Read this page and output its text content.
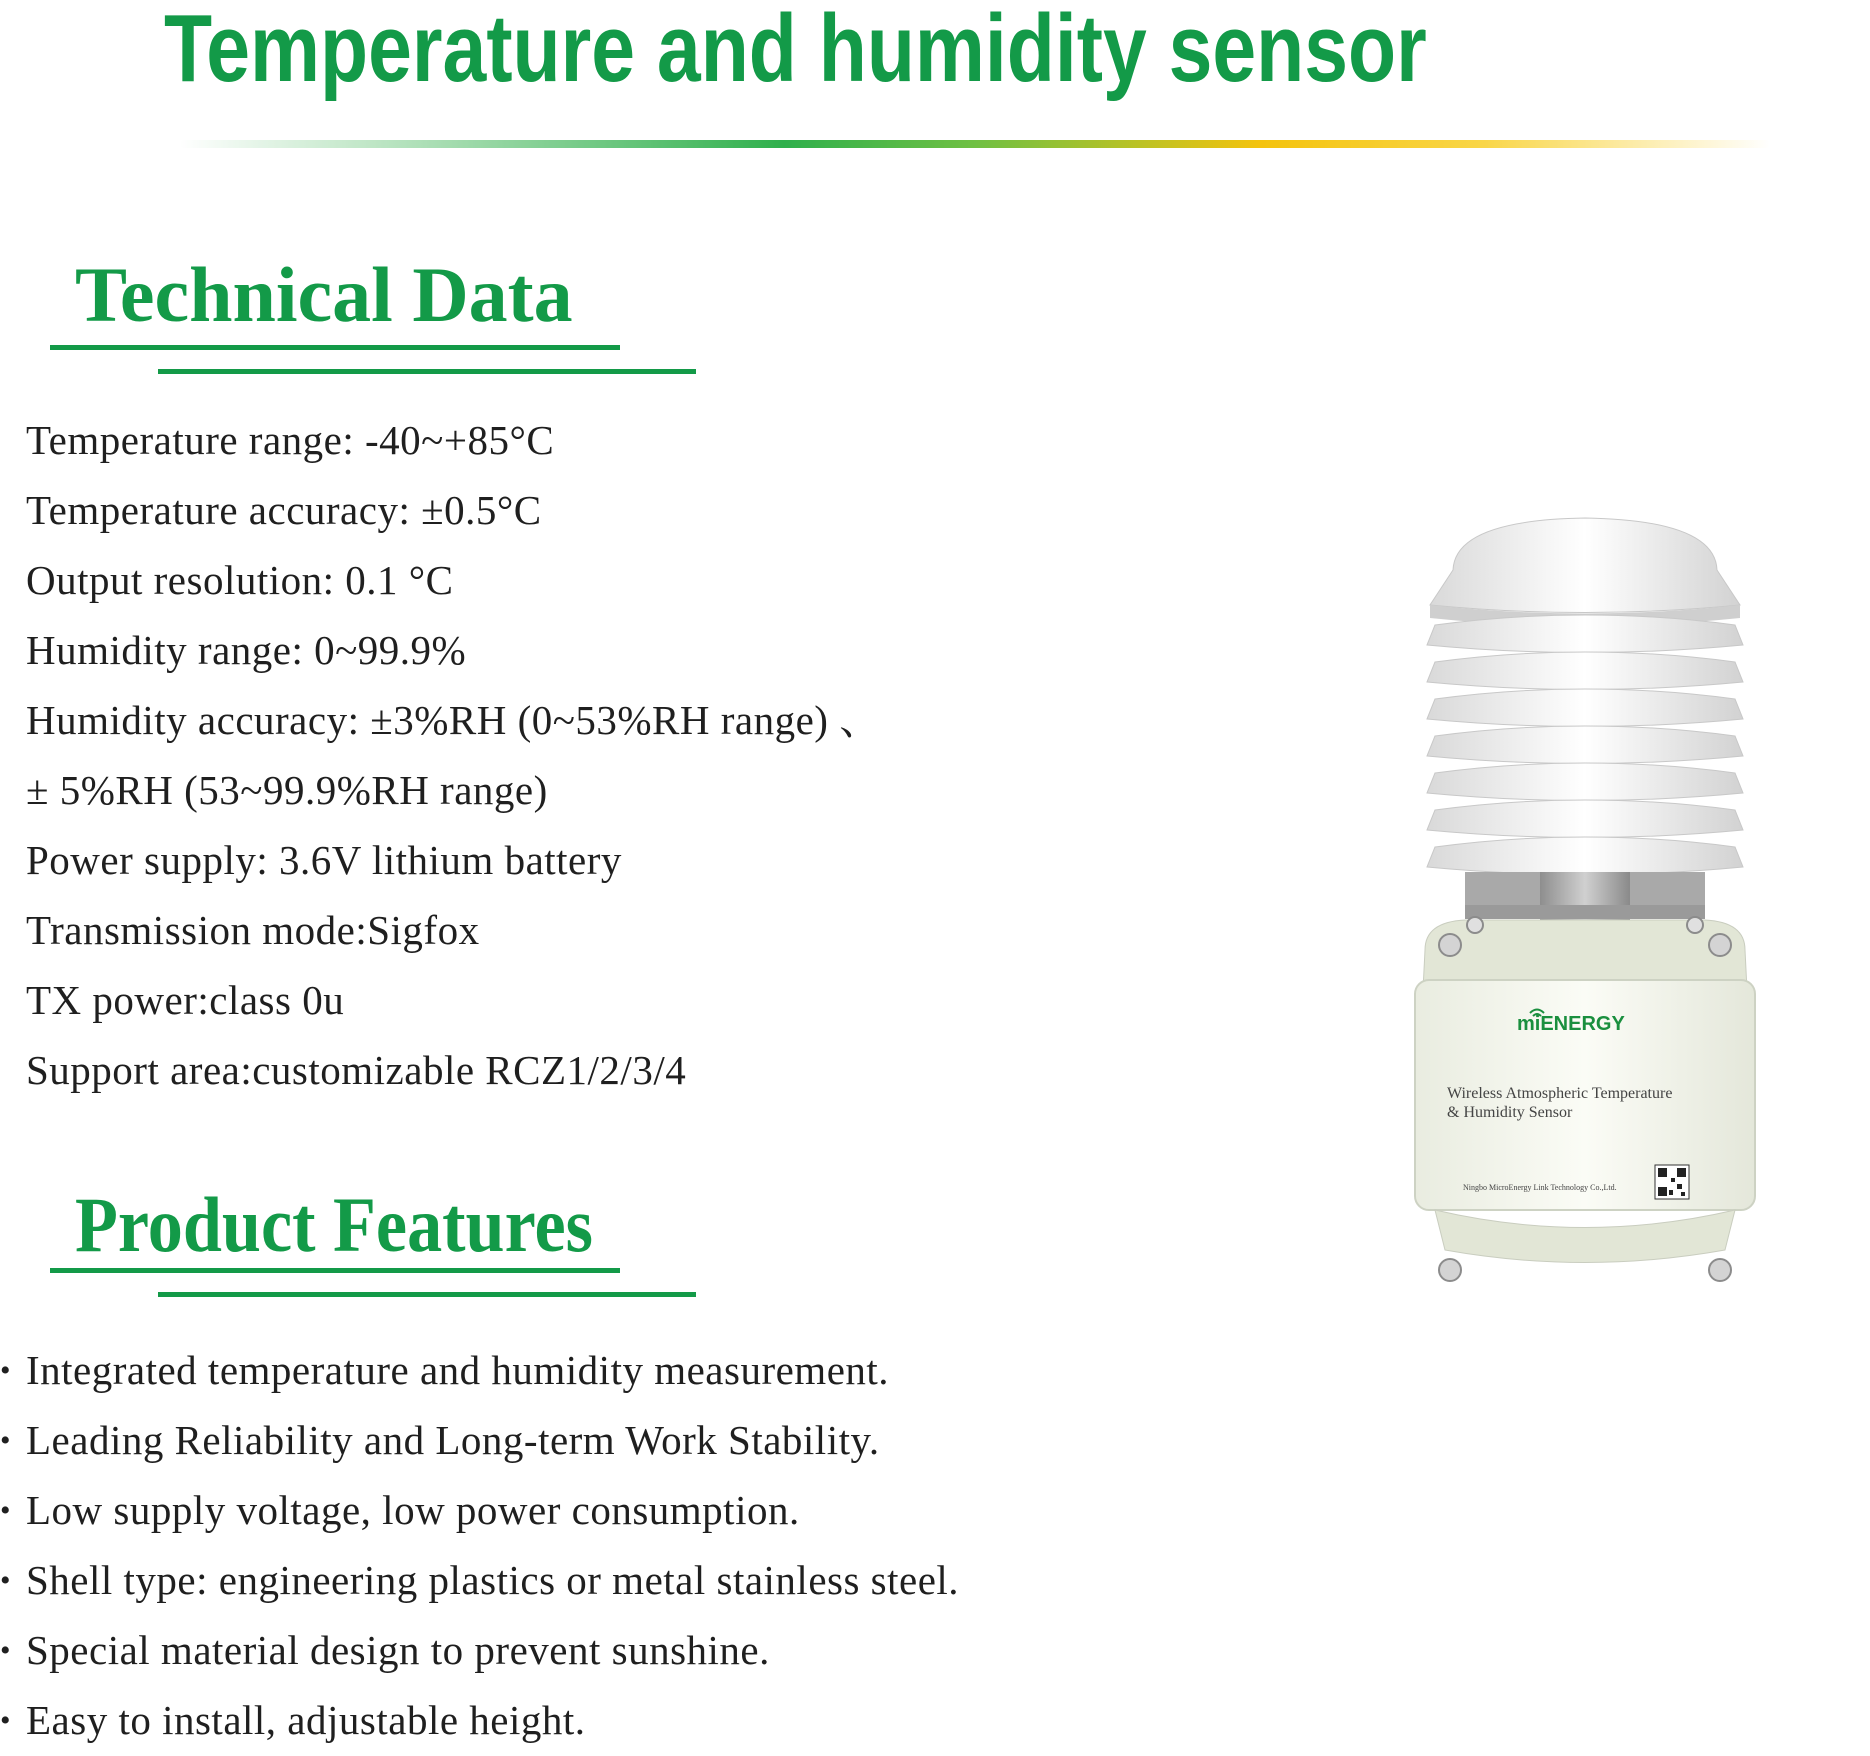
Temperature and humidity sensor
Technical Data
Temperature range: -40~+85°C
Temperature accuracy: ±0.5°C
Output resolution: 0.1 °C
Humidity range: 0~99.9%
Humidity accuracy: ±3%RH (0~53%RH range) 、
± 5%RH (53~99.9%RH range)
Power supply: 3.6V lithium battery
Transmission mode:Sigfox
TX power:class 0u
Support area:customizable RCZ1/2/3/4
Product Features
• Integrated temperature and humidity measurement.
• Leading Reliability and Long-term Work Stability.
• Low supply voltage, low power consumption.
• Shell type: engineering plastics or metal stainless steel.
• Special material design to prevent sunshine.
• Easy to install, adjustable height.
miENERGY
Wireless Atmospheric Temperature
& Humidity Sensor
Ningbo MicroEnergy Link Technology Co.,Ltd.
